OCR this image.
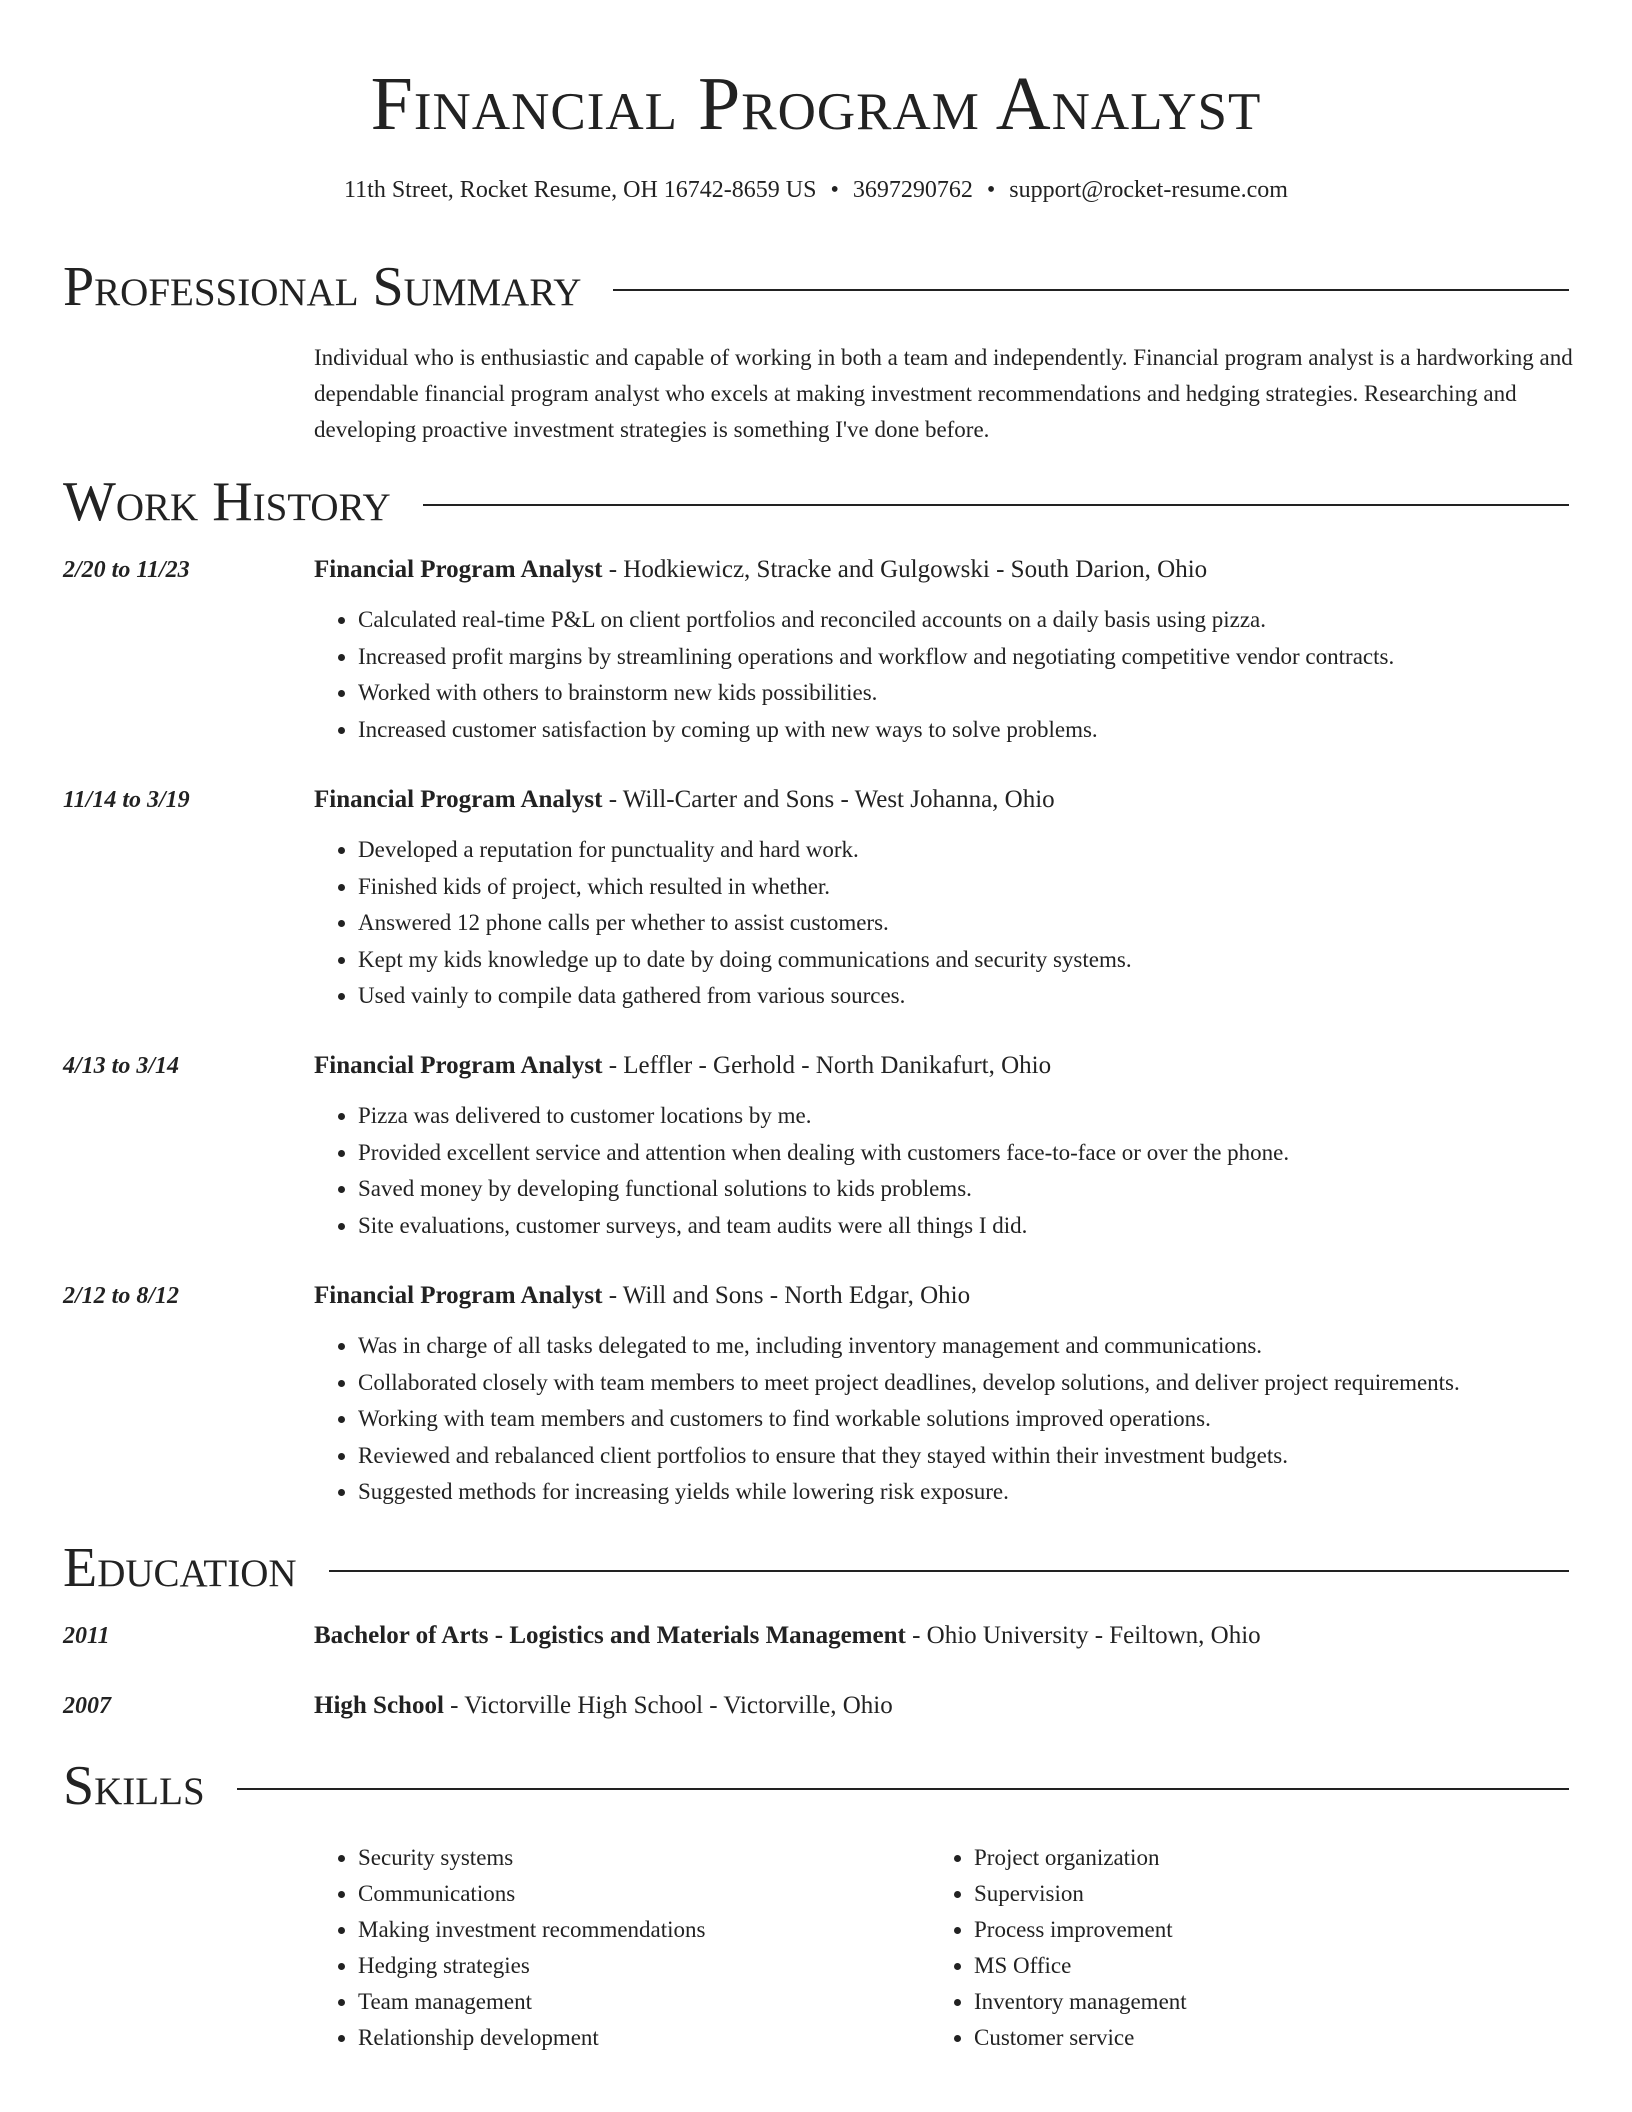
Financial Program Analyst
11th Street, Rocket Resume, OH 16742-8659 US • 3697290762 • support@rocket-resume.com
Professional Summary
Individual who is enthusiastic and capable of working in both a team and independently. Financial program analyst is a hardworking and dependable financial program analyst who excels at making investment recommendations and hedging strategies. Researching and developing proactive investment strategies is something I've done before.
Work History
2/20 to 11/23	Financial Program Analyst - Hodkiewicz, Stracke and Gulgowski - South Darion, Ohio
• Calculated real-time P&L on client portfolios and reconciled accounts on a daily basis using pizza.
• Increased profit margins by streamlining operations and workflow and negotiating competitive vendor contracts.
• Worked with others to brainstorm new kids possibilities.
• Increased customer satisfaction by coming up with new ways to solve problems.
11/14 to 3/19	Financial Program Analyst - Will-Carter and Sons - West Johanna, Ohio
• Developed a reputation for punctuality and hard work.
• Finished kids of project, which resulted in whether.
• Answered 12 phone calls per whether to assist customers.
• Kept my kids knowledge up to date by doing communications and security systems.
• Used vainly to compile data gathered from various sources.
4/13 to 3/14	Financial Program Analyst - Leffler - Gerhold - North Danikafurt, Ohio
• Pizza was delivered to customer locations by me.
• Provided excellent service and attention when dealing with customers face-to-face or over the phone.
• Saved money by developing functional solutions to kids problems.
• Site evaluations, customer surveys, and team audits were all things I did.
2/12 to 8/12	Financial Program Analyst - Will and Sons - North Edgar, Ohio
• Was in charge of all tasks delegated to me, including inventory management and communications.
• Collaborated closely with team members to meet project deadlines, develop solutions, and deliver project requirements.
• Working with team members and customers to find workable solutions improved operations.
• Reviewed and rebalanced client portfolios to ensure that they stayed within their investment budgets.
• Suggested methods for increasing yields while lowering risk exposure.
Education
2011	Bachelor of Arts - Logistics and Materials Management - Ohio University - Feiltown, Ohio
2007	High School - Victorville High School - Victorville, Ohio
Skills
• Security systems
• Communications
• Making investment recommendations
• Hedging strategies
• Team management
• Relationship development
• Project organization
• Supervision
• Process improvement
• MS Office
• Inventory management
• Customer service
